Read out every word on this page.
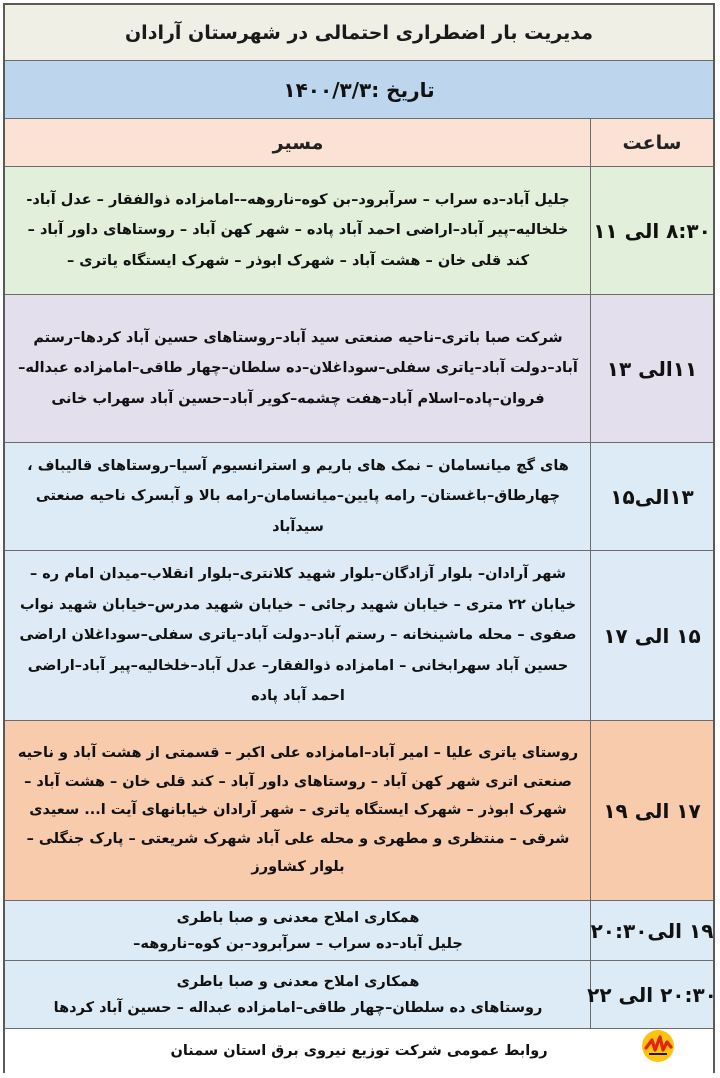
مدیریت بار اضطراری احتمالی در شهرستان آرادان
تاریخ :۱۴۰۰/۳/۳
ساعت
مسیر
۸:۳۰ الی ۱۱
جلیل آباد–ده سراب – سرآبرود–بن کوه–ناروهه–-امامزاده ذوالفقار – عدل آباد-
خلخالیه–پیر آباد–اراضی احمد آباد پاده – شهر کهن آباد – روستاهای داور آباد –
کند قلی خان – هشت آباد – شهرک ابوذر – شهرک ایستگاه یاتری –
۱۱الی ۱۳
شرکت صبا باتری–ناحیه صنعتی سید آباد–روستاهای حسین آباد کردها–رستم
آباد–دولت آباد–یاتری سفلی–سوداغلان–ده سلطان–چهار طاقی–امامزاده عبداله–
فروان–پاده–اسلام آباد–هفت چشمه–کویر آباد–حسین آباد سهراب خانی
۱۳الی۱۵
های گچ میانسامان – نمک های باریم و استرانسیوم آسیا–روستاهای قالیباف ،
چهارطاق–باغستان– رامه پایین–میانسامان–رامه بالا و آبسرک ناحیه صنعتی
سیدآباد
۱۵ الی ۱۷
شهر آرادان– بلوار آزادگان–بلوار شهید کلانتری–بلوار انقلاب–میدان امام ره –
خیابان ۲۲ متری – خیابان شهید رجائی – خیابان شهید مدرس–خیابان شهید نواب
صفوی – محله ماشینخانه – رستم آباد–دولت آباد–یاتری سفلی–سوداغلان اراضی
حسین آباد سهرابخانی – امامزاده ذوالفقار– عدل آباد–خلخالیه–پیر آباد–اراضی
احمد آباد پاده
۱۷ الی ۱۹
روستای یاتری علیا – امیر آباد–امامزاده علی اکبر – قسمتی از هشت آباد و ناحیه
صنعتی اتری شهر کهن آباد – روستاهای داور آباد – کند قلی خان – هشت آباد –
شهرک ابوذر – شهرک ایستگاه یاتری – شهر آرادان خیابانهای آیت ا... سعیدی
شرقی – منتظری و مطهری و محله علی آباد شهرک شریعتی – پارک جنگلی –
بلوار کشاورز
۱۹ الی۲۰:۳۰
همکاری املاح معدنی و صبا باطری
جلیل آباد–ده سراب – سرآبرود–بن کوه–ناروهه–
۲۰:۳۰ الی ۲۲
همکاری املاح معدنی و صبا باطری
روستاهای ده سلطان–چهار طاقی–امامزاده عبداله – حسین آباد کردها
روابط عمومی شرکت توزیع نیروی برق استان سمنان
